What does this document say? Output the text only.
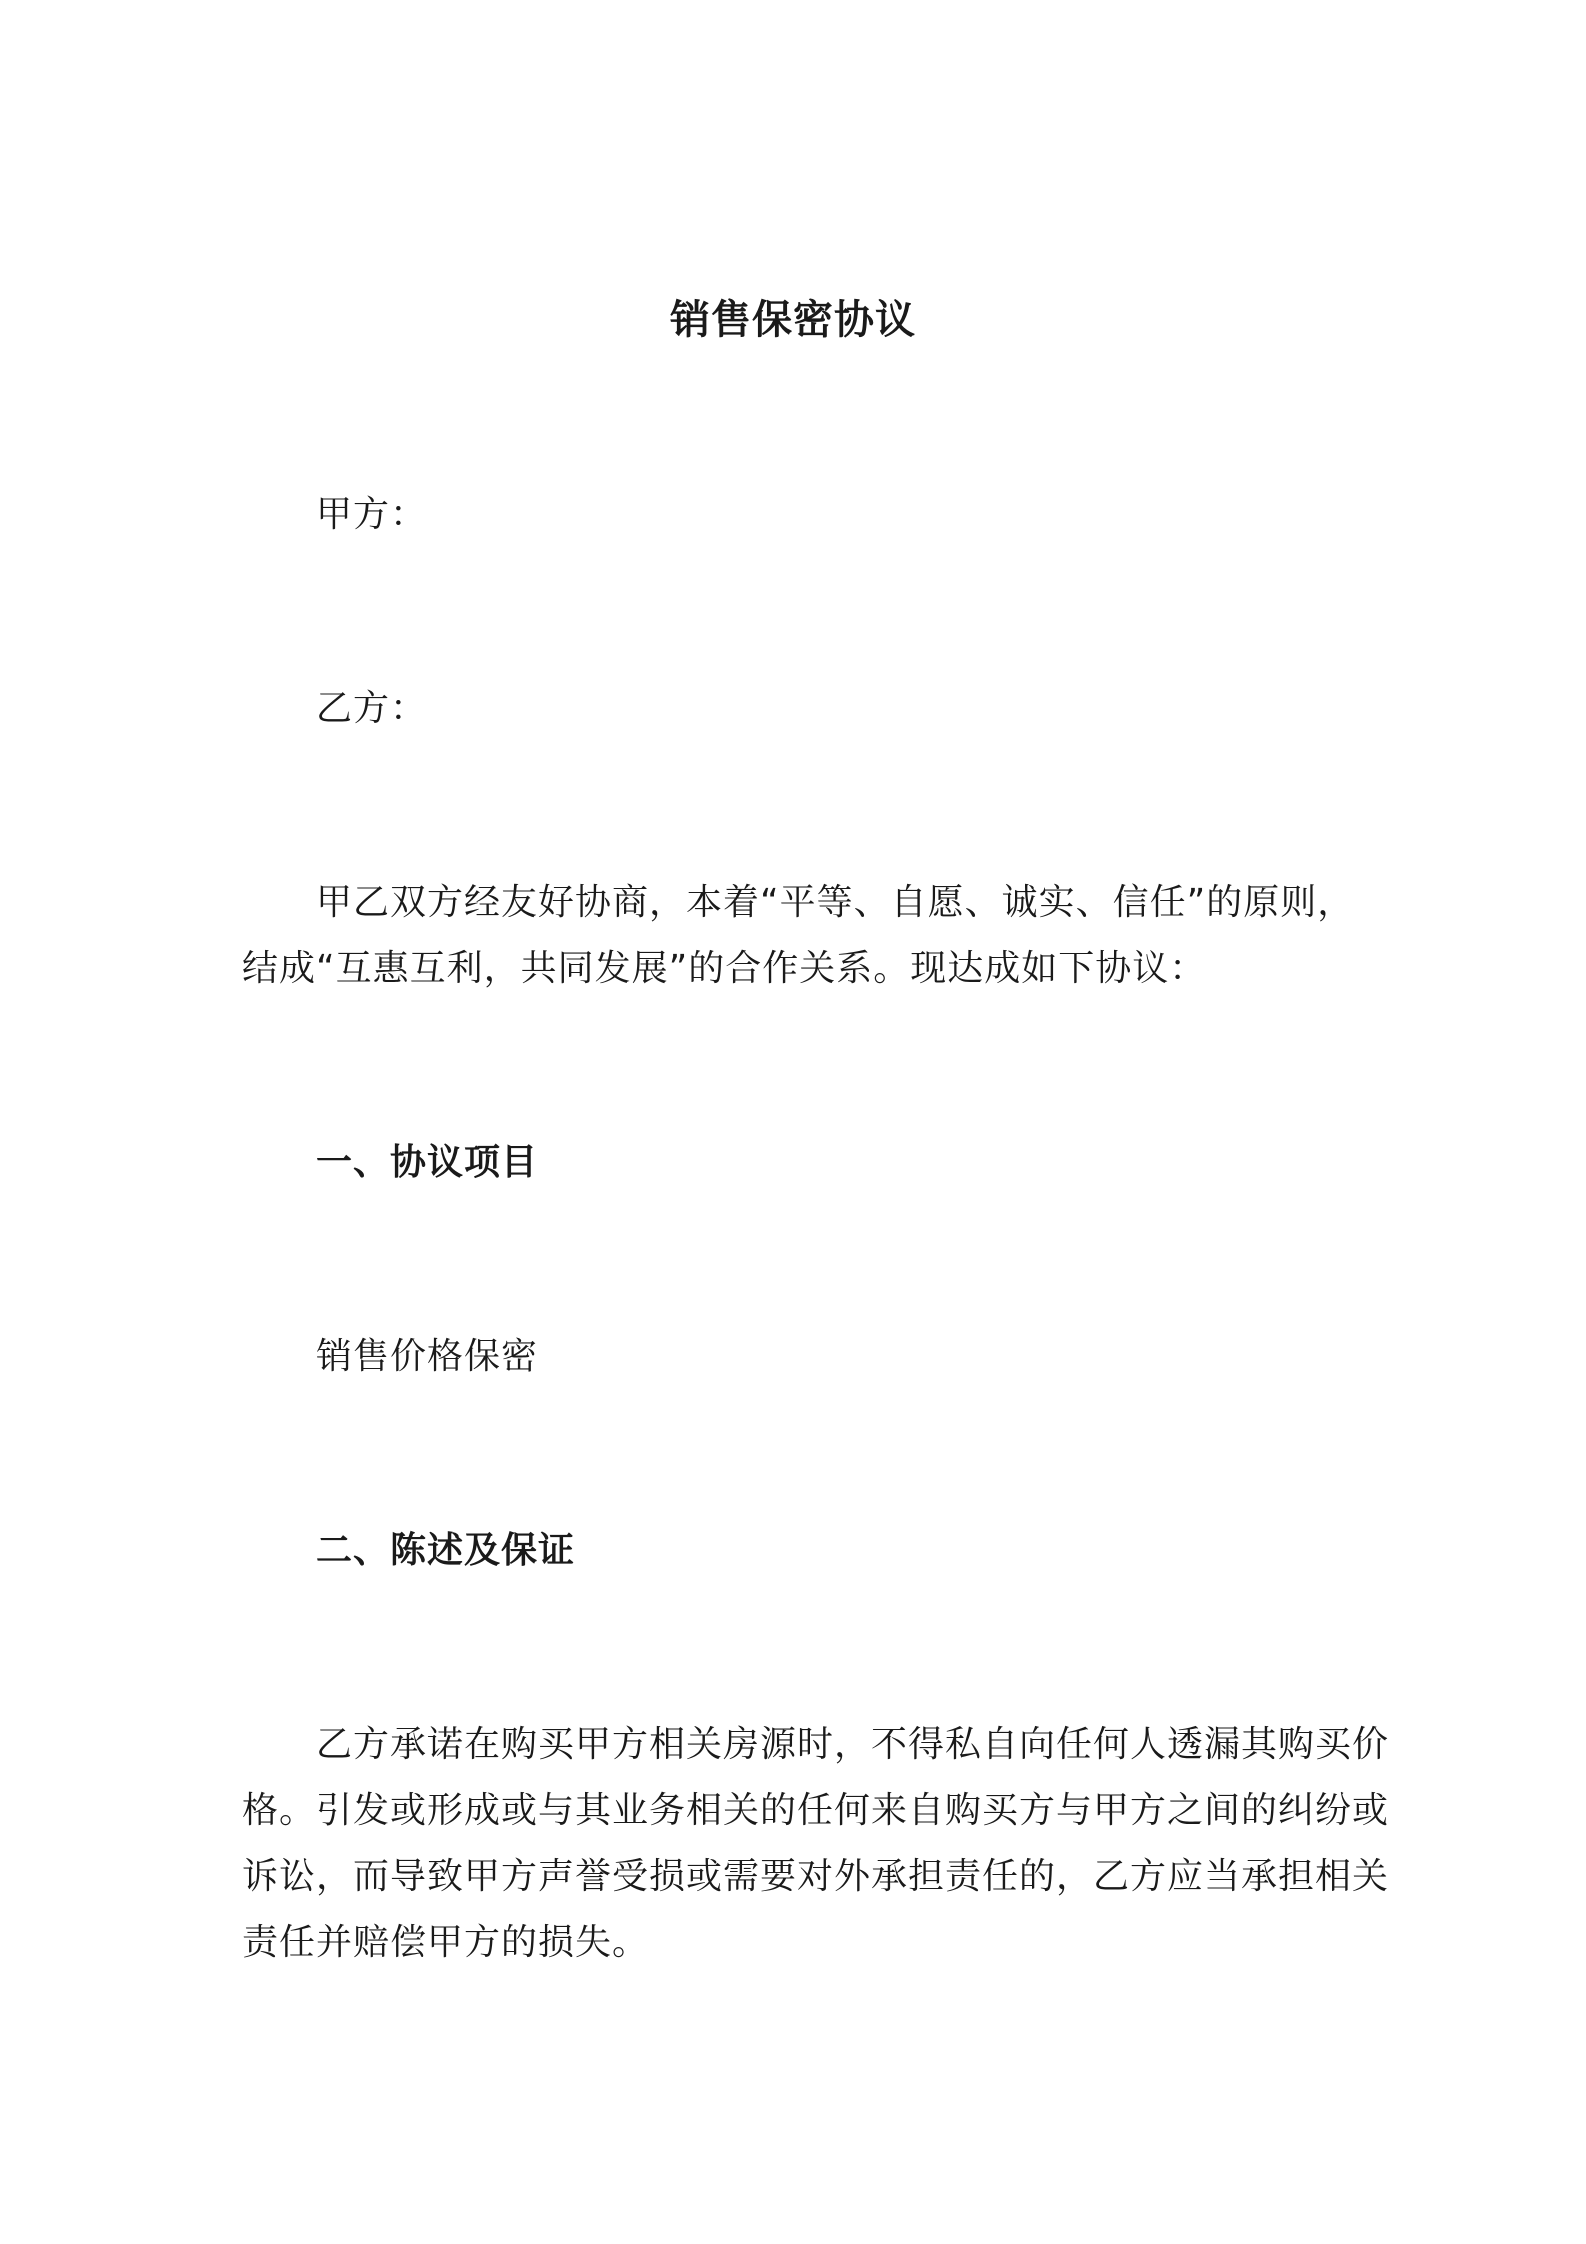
销售保密协议
甲方：
乙方：
甲乙双方经友好协商，本着“平等、自愿、诚实、信任”的原则，
结成“互惠互利，共同发展”的合作关系。现达成如下协议：
一、协议项目
销售价格保密
二、陈述及保证
乙方承诺在购买甲方相关房源时，不得私自向任何人透漏其购买价
格。引发或形成或与其业务相关的任何来自购买方与甲方之间的纠纷或
诉讼，而导致甲方声誉受损或需要对外承担责任的，乙方应当承担相关
责任并赔偿甲方的损失。
